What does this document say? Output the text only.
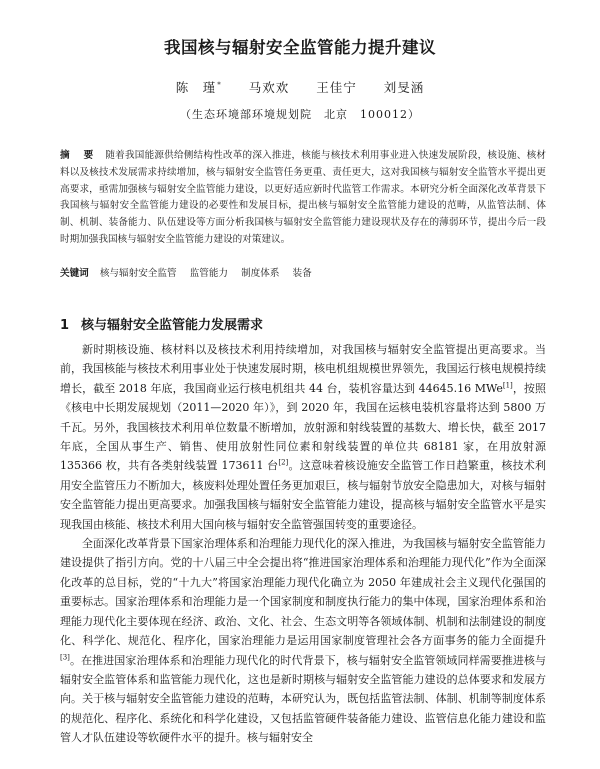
我国核与辐射安全监管能力提升建议
陈　瑾* 马欢欢 王佳宁 刘旻涵
（生态环境部环境规划院　北京　100012）
摘　要 随着我国能源供给侧结构性改革的深入推进，核能与核技术利用事业进入快速发展阶段，核设施、核材料以及核技术发展需求持续增加，核与辐射安全监管任务更重、责任更大，这对我国核与辐射安全监管水平提出更高要求，亟需加强核与辐射安全监管能力建设，以更好适应新时代监管工作需求。本研究分析全面深化改革背景下我国核与辐射安全监管能力建设的必要性和发展目标，提出核与辐射安全监管能力建设的范畴，从监管法制、体制、机制、装备能力、队伍建设等方面分析我国核与辐射安全监管能力建设现状及存在的薄弱环节，提出今后一段时期加强我国核与辐射安全监管能力建设的对策建议。
关键词 核与辐射安全监管 监管能力 制度体系 装备
1 核与辐射安全监管能力发展需求

新时期核设施、核材料以及核技术利用持续增加，对我国核与辐射安全监管提出更高要求。当前，我国核能与核技术利用事业处于快速发展时期，核电机组规模世界领先，我国运行核电规模持续增长，截至 2018 年底，我国商业运行核电机组共 44 台，装机容量达到 44645.16 MWe[1]，按照《核电中长期发展规划（2011—2020 年）》，到 2020 年，我国在运核电装机容量将达到 5800 万千瓦。另外，我国核技术利用单位数量不断增加，放射源和射线装置的基数大、增长快，截至 2017 年底，全国从事生产、销售、使用放射性同位素和射线装置的单位共 68181 家，在用放射源 135366 枚，共有各类射线装置 173611 台[2]。这意味着核设施安全监管工作日趋繁重，核技术利用安全监管压力不断加大，核废料处理处置任务更加艰巨，核与辐射节放安全隐患加大，对核与辐射安全监管能力提出更高要求。加强我国核与辐射安全监管能力建设，提高核与辐射安全监管水平是实现我国由核能、核技术利用大国向核与辐射安全监管强国转变的重要途径。

全面深化改革背景下国家治理体系和治理能力现代化的深入推进，为我国核与辐射安全监管能力建设提供了指引方向。党的十八届三中全会提出将“推进国家治理体系和治理能力现代化”作为全面深化改革的总目标，党的“十九大”将国家治理能力现代化确立为 2050 年建成社会主义现代化强国的重要标志。国家治理体系和治理能力是一个国家制度和制度执行能力的集中体现，国家治理体系和治理能力现代化主要体现在经济、政治、文化、社会、生态文明等各领域体制、机制和法制建设的制度化、科学化、规范化、程序化，国家治理能力是运用国家制度管理社会各方面事务的能力全面提升[3]。在推进国家治理体系和治理能力现代化的时代背景下，核与辐射安全监管领域同样需要推进核与辐射安全监管体系和监管能力现代化，这也是新时期核与辐射安全监管能力建设的总体要求和发展方向。关于核与辐射安全监管能力建设的范畴，本研究认为，既包括监管法制、体制、机制等制度体系的规范化、程序化、系统化和科学化建设，又包括监管硬件装备能力建设、监管信息化能力建设和监管人才队伍建设等软硬件水平的提升。核与辐射安全
